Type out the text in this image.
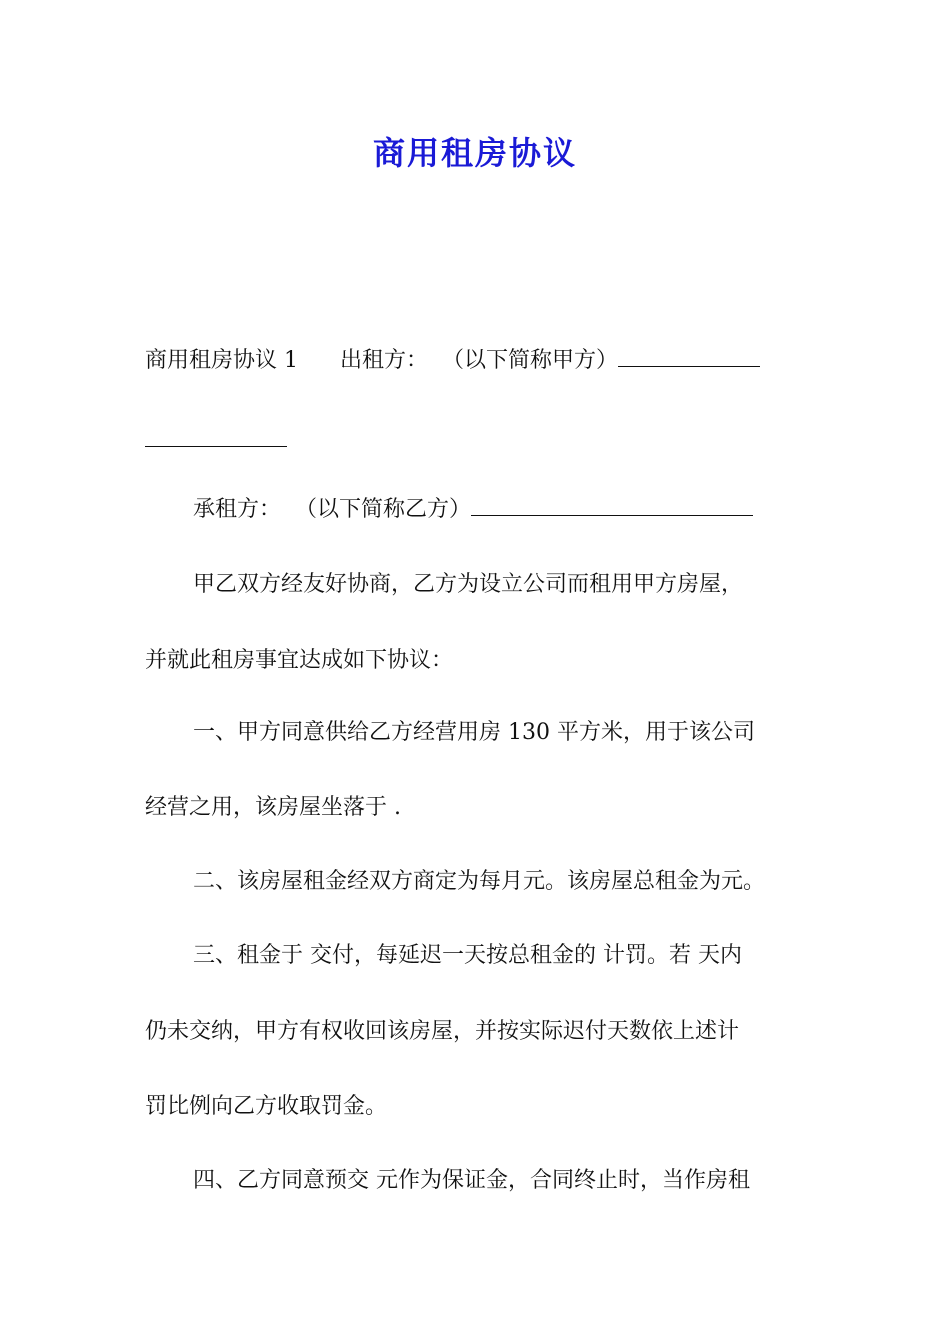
商用租房协议
商用租房协议 1 出租方： （以下简称甲方）
承租方： （以下简称乙方）
甲乙双方经友好协商，乙方为设立公司而租用甲方房屋，
并就此租房事宜达成如下协议：
一、甲方同意供给乙方经营用房 130 平方米，用于该公司
经营之用，该房屋坐落于 .
二、该房屋租金经双方商定为每月元。该房屋总租金为元。
三、租金于 交付，每延迟一天按总租金的 计罚。若 天内
仍未交纳，甲方有权收回该房屋，并按实际迟付天数依上述计
罚比例向乙方收取罚金。
四、乙方同意预交 元作为保证金，合同终止时，当作房租
